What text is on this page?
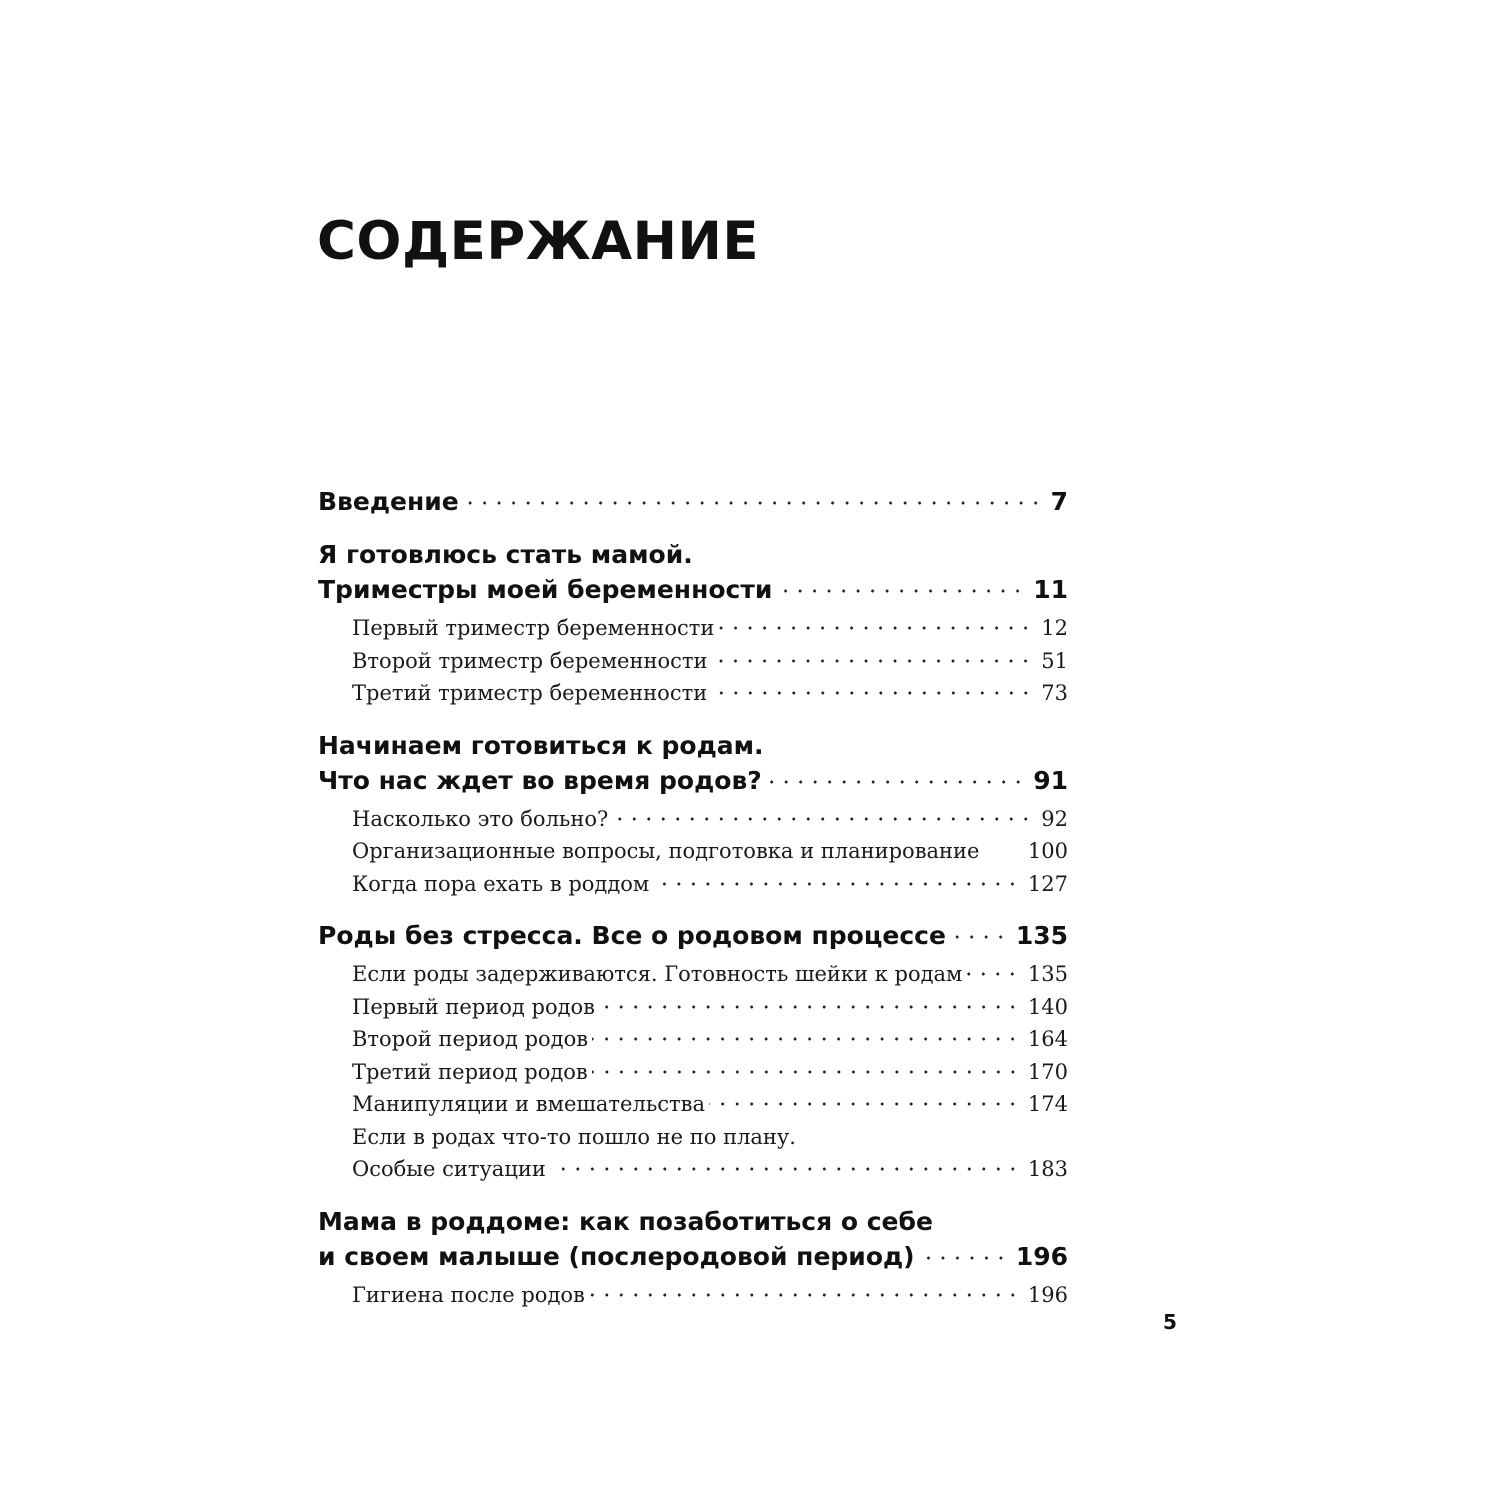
СОДЕРЖАНИЕ
Введение	7
Я готовлюсь стать мамой.
Триместры моей беременности	11
Первый триместр беременности	12
Второй триместр беременности	51
Третий триместр беременности	73
Начинаем готовиться к родам.
Что нас ждет во время родов?	91
Насколько это больно?	92
Организационные вопросы, подготовка и планирование 100
Когда пора ехать в роддом	127
Роды без стресса. Все о родовом процессе	135
Если роды задерживаются. Готовность шейки к родам	135
Первый период родов	140
Второй период родов	164
Третий период родов	170
Манипуляции и вмешательства	174
Если в родах что-то пошло не по плану.
Особые ситуации	183
Мама в роддоме: как позаботиться о себе
и своем малыше (послеродовой период)	196
Гигиена после родов	196
5
